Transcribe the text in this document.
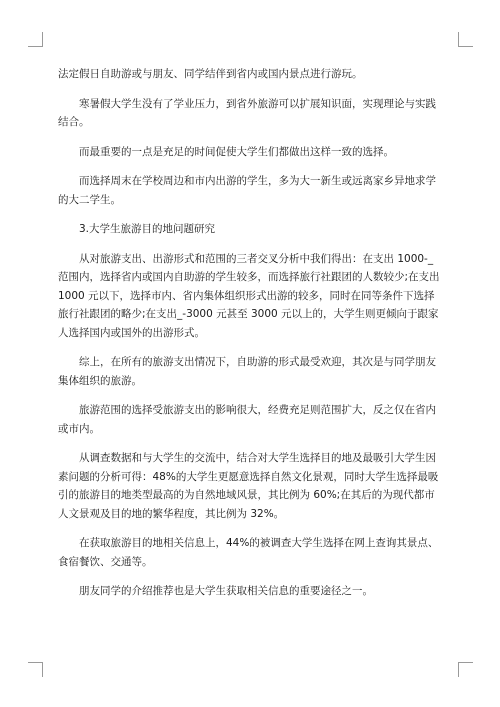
法定假日自助游或与朋友、同学结伴到省内或国内景点进行游玩。

寒暑假大学生没有了学业压力，到省外旅游可以扩展知识面，实现理论与实践结合。

而最重要的一点是充足的时间促使大学生们都做出这样一致的选择。

而选择周末在学校周边和市内出游的学生，多为大一新生或远离家乡异地求学的大二学生。

3.大学生旅游目的地问题研究

从对旅游支出、出游形式和范围的三者交叉分析中我们得出：在支出 1000-_范围内，选择省内或国内自助游的学生较多，而选择旅行社跟团的人数较少;在支出 1000 元以下，选择市内、省内集体组织形式出游的较多，同时在同等条件下选择旅行社跟团的略少;在支出_-3000 元甚至 3000 元以上的，大学生则更倾向于跟家人选择国内或国外的出游形式。

综上，在所有的旅游支出情况下，自助游的形式最受欢迎，其次是与同学朋友集体组织的旅游。

旅游范围的选择受旅游支出的影响很大，经费充足则范围扩大，反之仅在省内或市内。

从调查数据和与大学生的交流中，结合对大学生选择目的地及最吸引大学生因素问题的分析可得：48%的大学生更愿意选择自然文化景观，同时大学生选择最吸引的旅游目的地类型最高的为自然地域风景，其比例为 60%;在其后的为现代都市人文景观及目的地的繁华程度，其比例为 32%。

在获取旅游目的地相关信息上，44%的被调查大学生选择在网上查询其景点、食宿餐饮、交通等。

朋友同学的介绍推荐也是大学生获取相关信息的重要途径之一。
